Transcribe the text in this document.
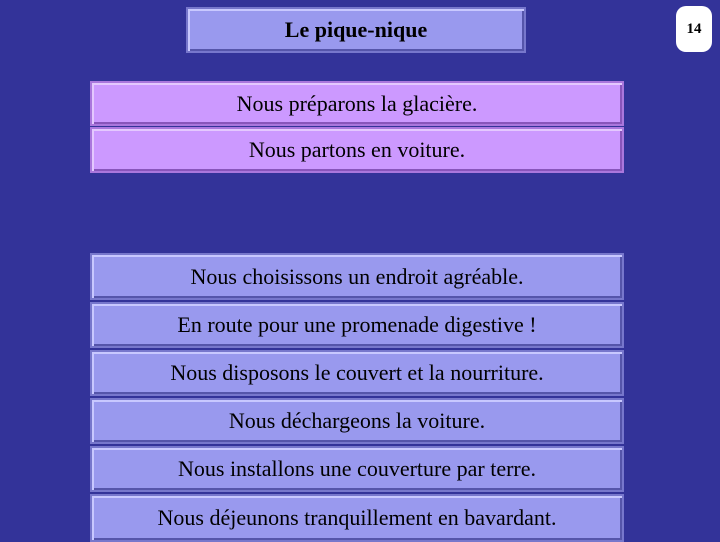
Le pique-nique	14
Nous préparons la glacière.
Nous partons en voiture.
Nous choisissons un endroit agréable.
En route pour une promenade digestive !
Nous disposons le couvert et la nourriture.
Nous déchargeons la voiture.
Nous installons une couverture par terre.
Nous déjeunons tranquillement en bavardant.
